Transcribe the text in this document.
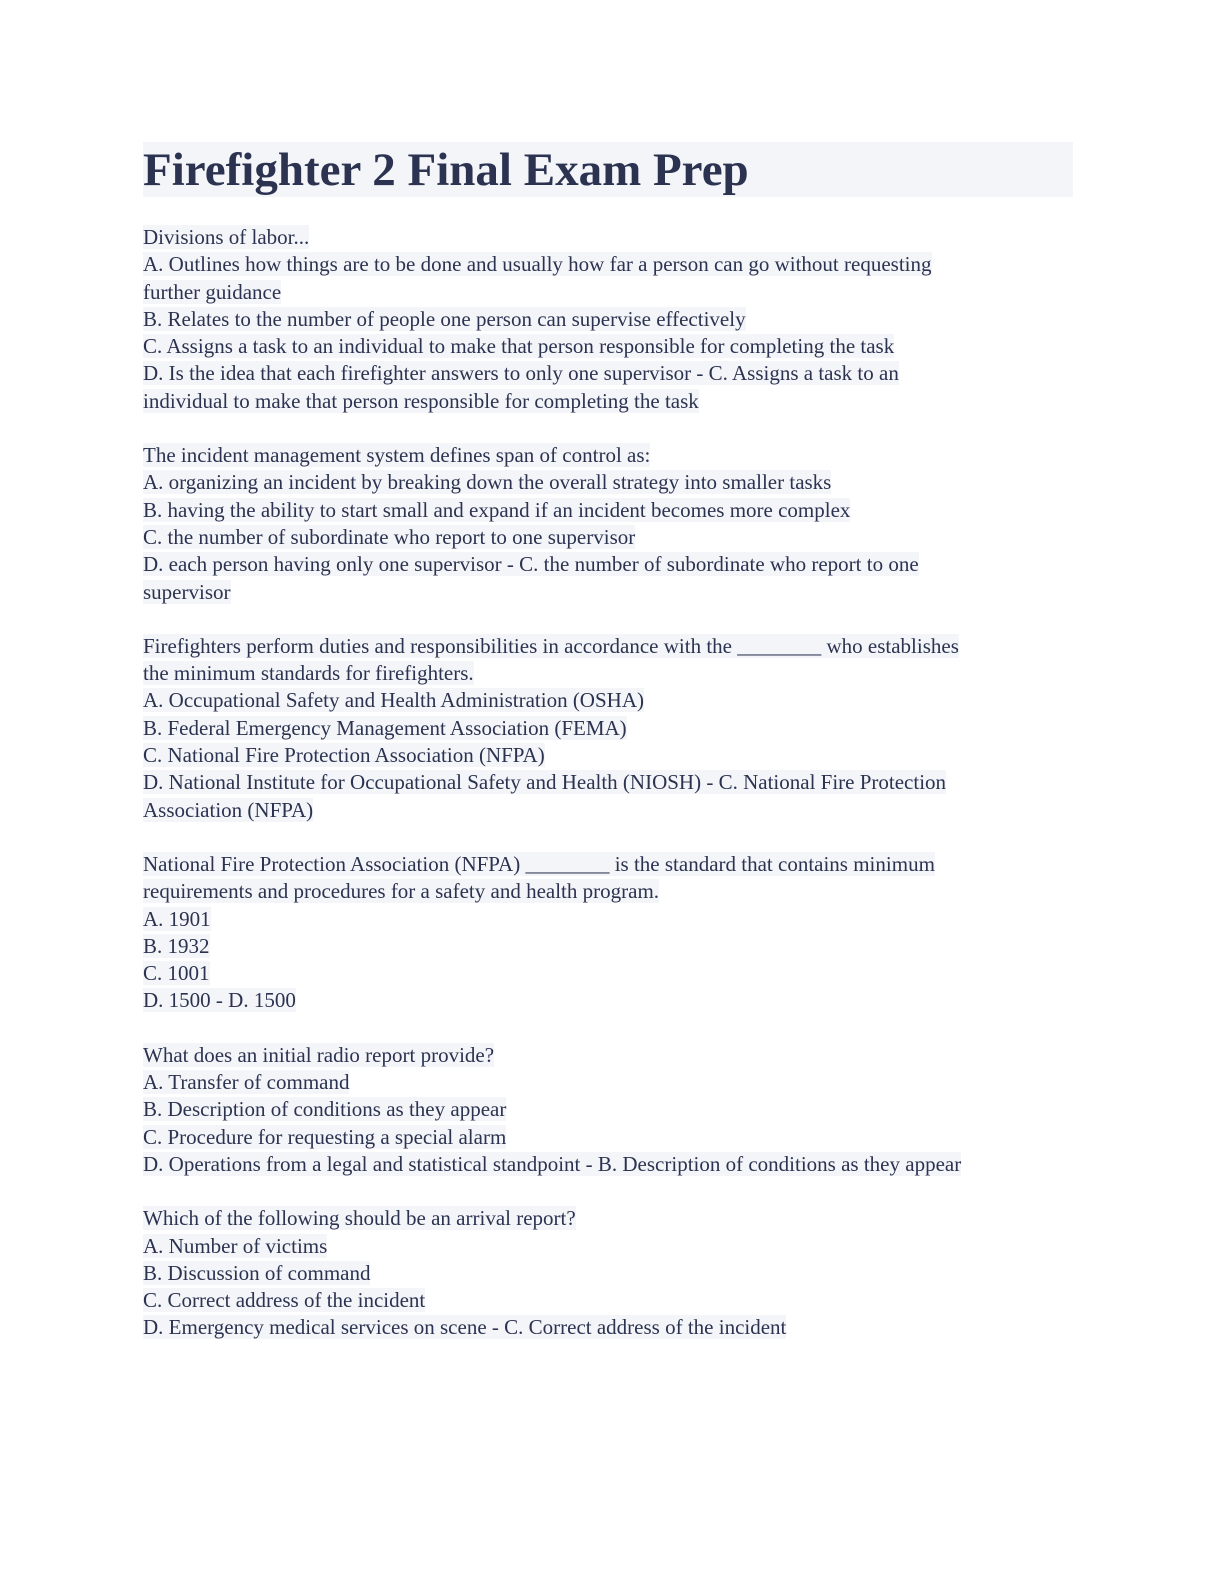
Firefighter 2 Final Exam Prep
Divisions of labor...
A. Outlines how things are to be done and usually how far a person can go without requesting
further guidance
B. Relates to the number of people one person can supervise effectively
C. Assigns a task to an individual to make that person responsible for completing the task
D. Is the idea that each firefighter answers to only one supervisor - C. Assigns a task to an
individual to make that person responsible for completing the task
The incident management system defines span of control as:
A. organizing an incident by breaking down the overall strategy into smaller tasks
B. having the ability to start small and expand if an incident becomes more complex
C. the number of subordinate who report to one supervisor
D. each person having only one supervisor - C. the number of subordinate who report to one
supervisor
Firefighters perform duties and responsibilities in accordance with the ________ who establishes
the minimum standards for firefighters.
A. Occupational Safety and Health Administration (OSHA)
B. Federal Emergency Management Association (FEMA)
C. National Fire Protection Association (NFPA)
D. National Institute for Occupational Safety and Health (NIOSH) - C. National Fire Protection
Association (NFPA)
National Fire Protection Association (NFPA) ________ is the standard that contains minimum
requirements and procedures for a safety and health program.
A. 1901
B. 1932
C. 1001
D. 1500 - D. 1500
What does an initial radio report provide?
A. Transfer of command
B. Description of conditions as they appear
C. Procedure for requesting a special alarm
D. Operations from a legal and statistical standpoint - B. Description of conditions as they appear
Which of the following should be an arrival report?
A. Number of victims
B. Discussion of command
C. Correct address of the incident
D. Emergency medical services on scene - C. Correct address of the incident
